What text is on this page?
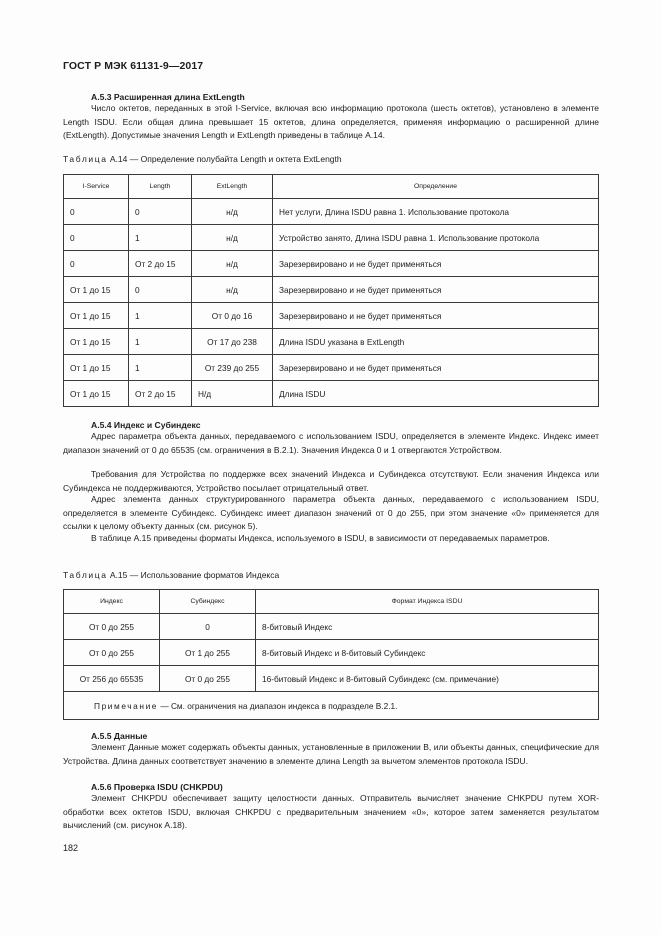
ГОСТ Р МЭК 61131-9—2017
А.5.3 Расширенная длина ExtLength
Число октетов, переданных в этой I-Service, включая всю информацию протокола (шесть октетов), установлено в элементе Length ISDU. Если общая длина превышает 15 октетов, длина определяется, применяя информацию о расширенной длине (ExtLength). Допустимые значения Length и ExtLength приведены в таблице А.14.
Таблица А.14 — Определение полубайта Length и октета ExtLength
I-Service	Length	ExtLength	Определение
0	0	н/д	Нет услуги, Длина ISDU равна 1. Использование протокола
0	1	н/д	Устройство занято, Длина ISDU равна 1. Использование протокола
0	От 2 до 15	н/д	Зарезервировано и не будет применяться
От 1 до 15	0	н/д	Зарезервировано и не будет применяться
От 1 до 15	1	От 0 до 16	Зарезервировано и не будет применяться
От 1 до 15	1	От 17 до 238	Длина ISDU указана в ExtLength
От 1 до 15	1	От 239 до 255	Зарезервировано и не будет применяться
От 1 до 15	От 2 до 15	Н/д	Длина ISDU
А.5.4 Индекс и Субиндекс
Адрес параметра объекта данных, передаваемого с использованием ISDU, определяется в элементе Индекс. Индекс имеет диапазон значений от 0 до 65535 (см. ограничения в В.2.1). Значения Индекса 0 и 1 отвергаются Устройством.
Требования для Устройства по поддержке всех значений Индекса и Субиндекса отсутствуют. Если значения Индекса или Субиндекса не поддерживаются, Устройство посылает отрицательный ответ.
Адрес элемента данных структурированного параметра объекта данных, передаваемого с использованием ISDU, определяется в элементе Субиндекс. Субиндекс имеет диапазон значений от 0 до 255, при этом значение «0» применяется для ссылки к целому объекту данных (см. рисунок 5).
В таблице А.15 приведены форматы Индекса, используемого в ISDU, в зависимости от передаваемых параметров.
Таблица А.15 — Использование форматов Индекса
Индекс	Субиндекс	Формат Индекса ISDU
От 0 до 255	0	8-битовый Индекс
От 0 до 255	От 1 до 255	8-битовый Индекс и 8-битовый Субиндекс
От 256 до 65535	От 0 до 255	16-битовый Индекс и 8-битовый Субиндекс (см. примечание)
Примечание — См. ограничения на диапазон индекса в подразделе В.2.1.		
А.5.5 Данные
Элемент Данные может содержать объекты данных, установленные в приложении В, или объекты данных, специфические для Устройства. Длина данных соответствует значению в элементе длина Length за вычетом элементов протокола ISDU.
А.5.6 Проверка ISDU (CHKPDU)
Элемент CHKPDU обеспечивает защиту целостности данных. Отправитель вычисляет значение CHKPDU путем XOR-обработки всех октетов ISDU, включая CHKPDU с предварительным значением «0», которое затем заменяется результатом вычислений (см. рисунок А.18).
182
